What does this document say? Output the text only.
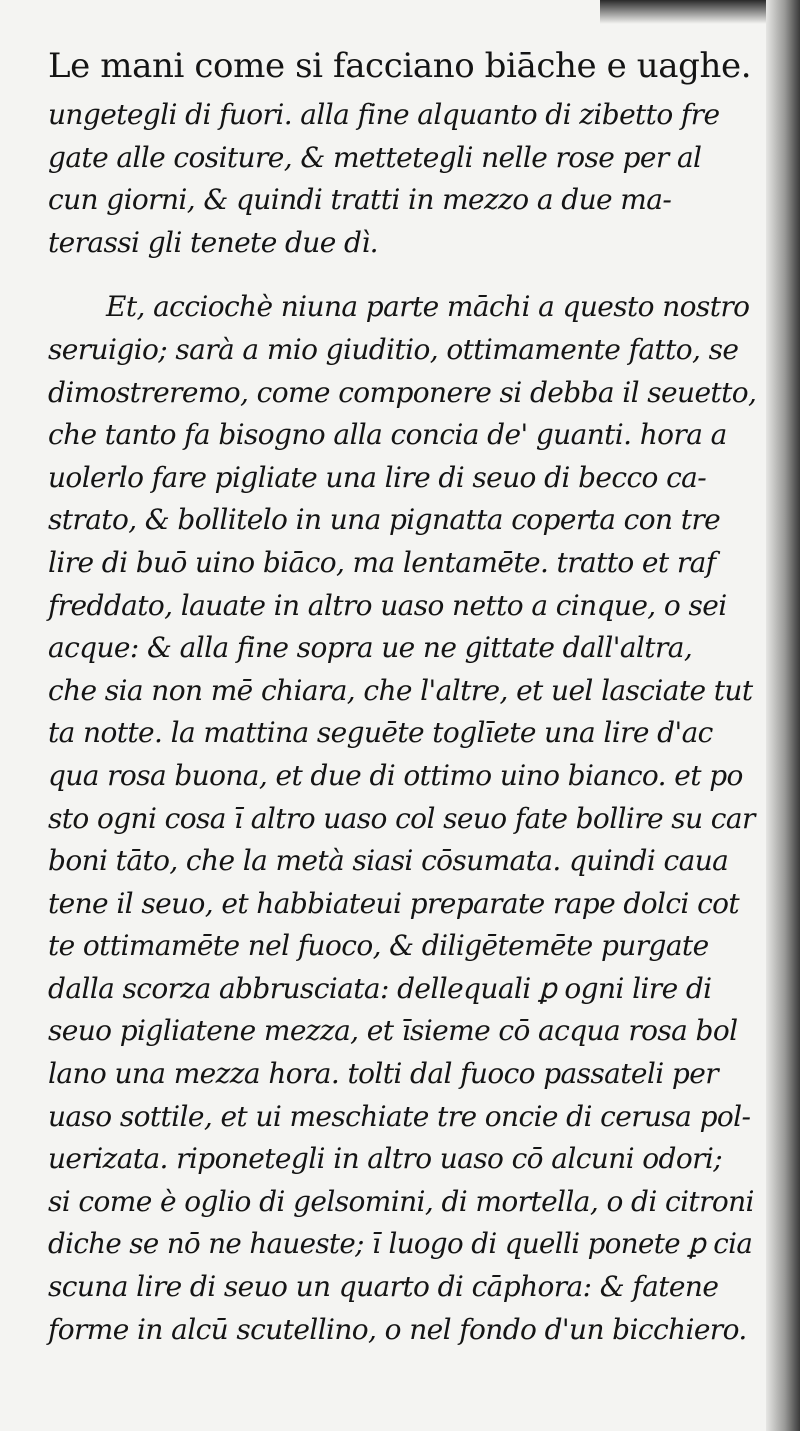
Le mani come si facciano biāche e uaghe.
ungetegli di fuori. alla fine alquanto di zibetto fre
gate alle cositure, & mettetegli nelle rose per al
cun giorni, & quindi tratti in mezzo a due ma-
terassi gli tenete due dì.
Et, acciochè niuna parte māchi a questo nostro
seruigio; sarà a mio giuditio, ottimamente fatto, se
dimostreremo, come componere si debba il seuetto,
che tanto fa bisogno alla concia de' guanti. hora a
uolerlo fare pigliate una lire di seuo di becco ca-
strato, & bollitelo in una pignatta coperta con tre
lire di buō uino biāco, ma lentamēte. tratto et raf
freddato, lauate in altro uaso netto a cinque, o sei
acque: & alla fine sopra ue ne gittate dall'altra,
che sia non mē chiara, che l'altre, et uel lasciate tut
ta notte. la mattina seguēte toglīete una lire d'ac
qua rosa buona, et due di ottimo uino bianco. et po
sto ogni cosa ī altro uaso col seuo fate bollire su car
boni tāto, che la metà siasi cōsumata. quindi caua
tene il seuo, et habbiateui preparate rape dolci cot
te ottimamēte nel fuoco, & diligētemēte purgate
dalla scorza abbrusciata: dellequali ꝑ ogni lire di
seuo pigliatene mezza, et īsieme cō acqua rosa bol
lano una mezza hora. tolti dal fuoco passateli per
uaso sottile, et ui meschiate tre oncie di cerusa pol-
uerizata. riponetegli in altro uaso cō alcuni odori;
si come è oglio di gelsomini, di mortella, o di citroni
diche se nō ne haueste; ī luogo di quelli ponete ꝑ cia
scuna lire di seuo un quarto di cāphora: & fatene
forme in alcū scutellino, o nel fondo d'un bicchiero.
